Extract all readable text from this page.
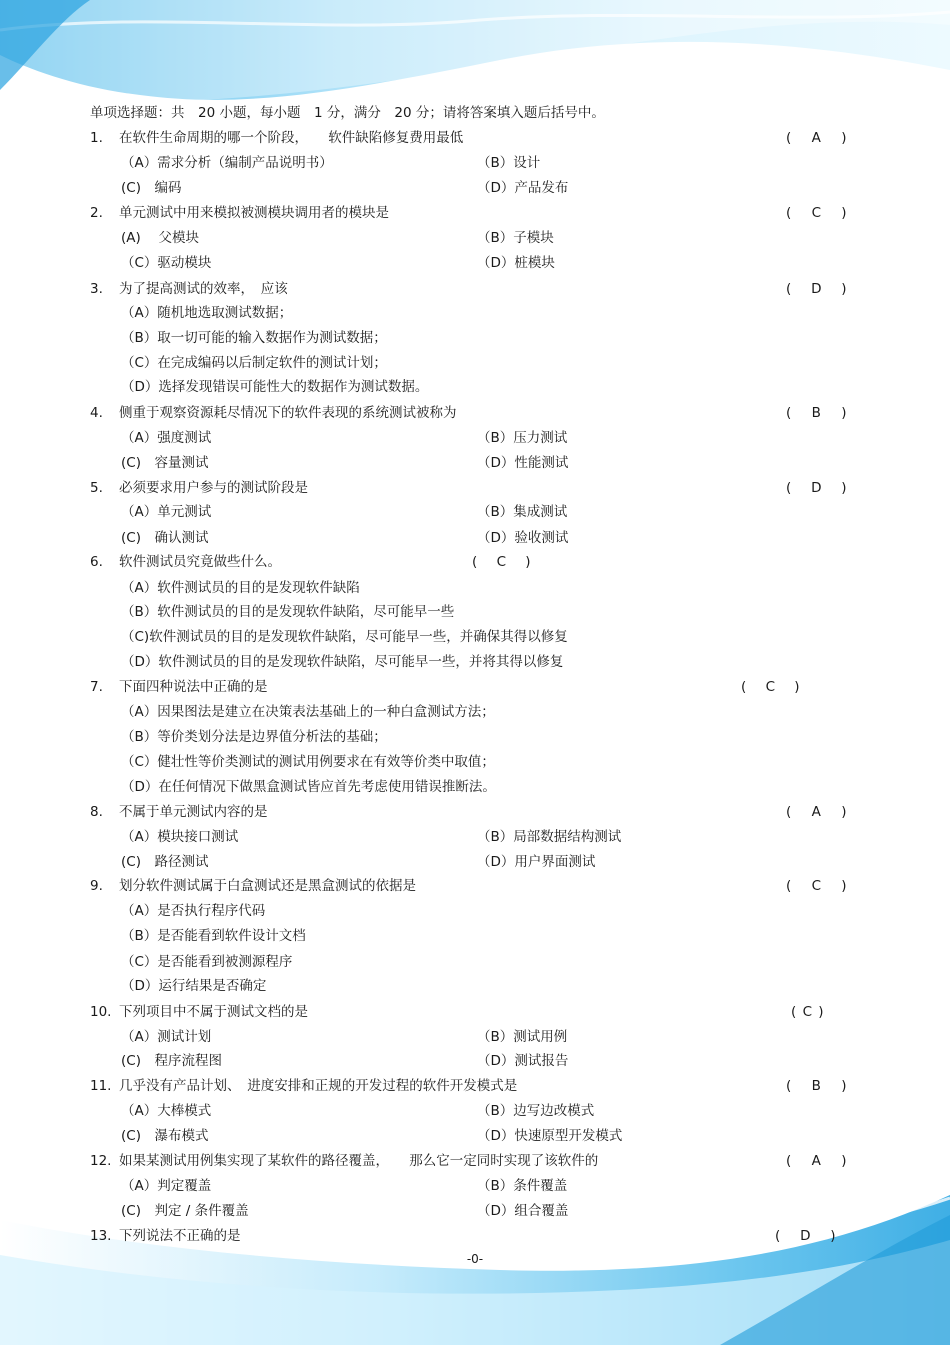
单项选择题：共　20 小题，每小题　1 分，满分　20 分；请将答案填入题后括号中。
1. 在软件生命周期的哪一个阶段，　　软件缺陷修复费用最低	( A )
（A）需求分析（编制产品说明书）	（B）设计
(C)　编码	（D）产品发布
2. 单元测试中用来模拟被测模块调用者的模块是	( C )
(A)　 父模块	（B）子模块
（C）驱动模块	（D）桩模块
3. 为了提高测试的效率，　应该	( D )
（A）随机地选取测试数据；
（B）取一切可能的输入数据作为测试数据；
（C）在完成编码以后制定软件的测试计划；
（D）选择发现错误可能性大的数据作为测试数据。
4. 侧重于观察资源耗尽情况下的软件表现的系统测试被称为	( B )
（A）强度测试	（B）压力测试
(C)　容量测试	（D）性能测试
5. 必须要求用户参与的测试阶段是	( D )
（A）单元测试	（B）集成测试
(C)　确认测试	（D）验收测试
6. 软件测试员究竟做些什么。	( C )
（A）软件测试员的目的是发现软件缺陷
（B）软件测试员的目的是发现软件缺陷，尽可能早一些
（C)软件测试员的目的是发现软件缺陷，尽可能早一些，并确保其得以修复
（D）软件测试员的目的是发现软件缺陷，尽可能早一些，并将其得以修复
7. 下面四种说法中正确的是	( C )
（A）因果图法是建立在决策表法基础上的一种白盒测试方法；
（B）等价类划分法是边界值分析法的基础；
（C）健壮性等价类测试的测试用例要求在有效等价类中取值；
（D）在任何情况下做黑盒测试皆应首先考虑使用错误推断法。
8. 不属于单元测试内容的是	( A )
（A）模块接口测试	（B）局部数据结构测试
(C)　路径测试	（D）用户界面测试
9. 划分软件测试属于白盒测试还是黑盒测试的依据是	( C )
（A）是否执行程序代码
（B）是否能看到软件设计文档
（C）是否能看到被测源程序
（D）运行结果是否确定
10. 下列项目中不属于测试文档的是	( C )
（A）测试计划	（B）测试用例
(C)　程序流程图	（D）测试报告
11. 几乎没有产品计划、　进度安排和正规的开发过程的软件开发模式是	( B )
（A）大棒模式	（B）边写边改模式
(C)　瀑布模式	（D）快速原型开发模式
12. 如果某测试用例集实现了某软件的路径覆盖，　　那么它一定同时实现了该软件的	( A )
（A）判定覆盖	（B）条件覆盖
(C)　判定 / 条件覆盖	（D）组合覆盖
13. 下列说法不正确的是	( D )
-0-
